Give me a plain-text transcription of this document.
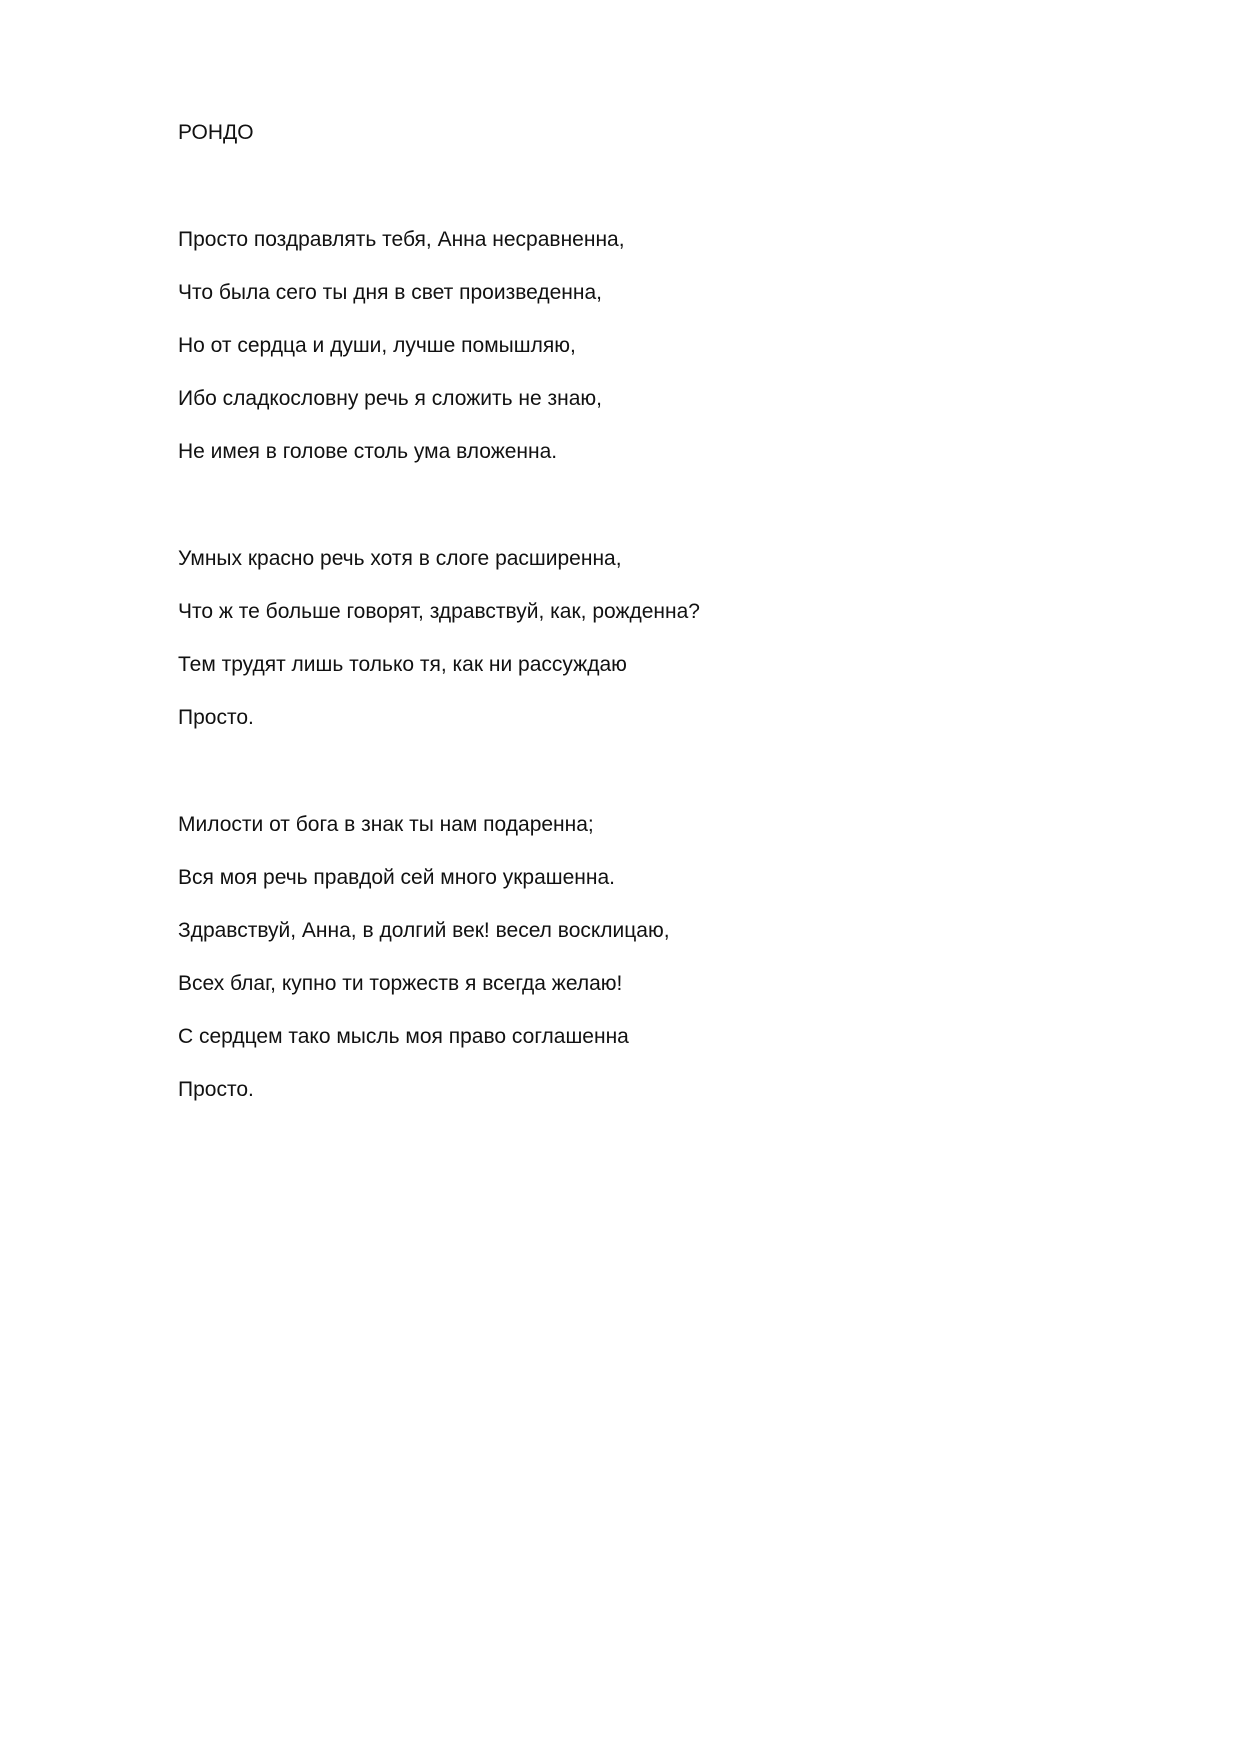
РОНДО
Просто поздравлять тебя, Анна несравненна,
Что была сего ты дня в свет произведенна,
Но от сердца и души, лучше помышляю,
Ибо сладкословну речь я сложить не знаю,
Не имея в голове столь ума вложенна.
Умных красно речь хотя в слоге расширенна,
Что ж те больше говорят, здравствуй, как, рожденна?
Тем трудят лишь только тя, как ни рассуждаю
Просто.
Милости от бога в знак ты нам подаренна;
Вся моя речь правдой сей много украшенна.
Здравствуй, Анна, в долгий век! весел восклицаю,
Всех благ, купно ти торжеств я всегда желаю!
С сердцем тако мысль моя право соглашенна
Просто.
